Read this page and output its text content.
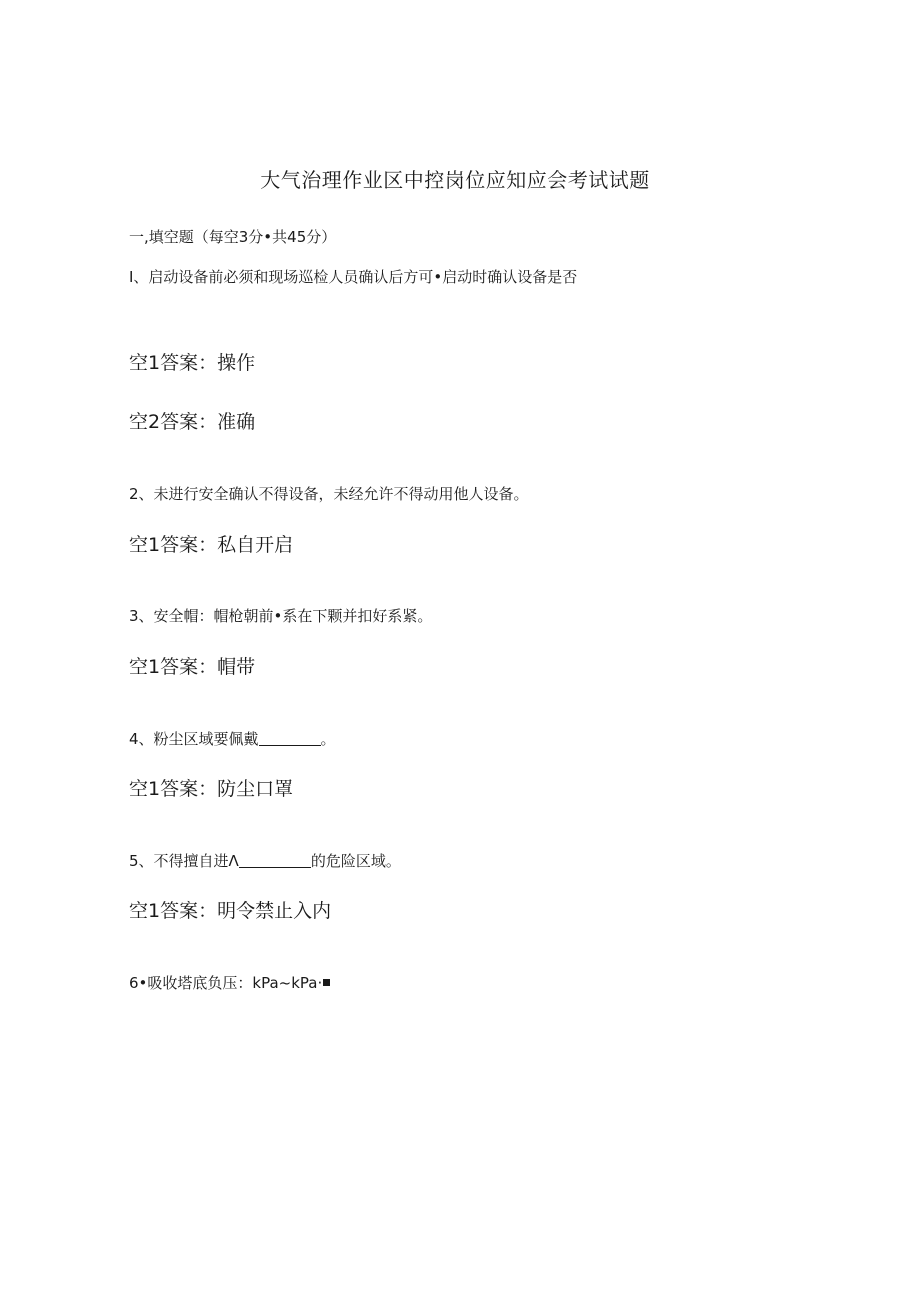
大气治理作业区中控岗位应知应会考试试题
一,填空题（每空3分•共45分）
I、启动设备前必须和现场巡检人员确认后方可•启动时确认设备是否
空1答案：操作
空2答案：准确
2、未进行安全确认不得设备，未经允许不得动用他人设备。
空1答案：私自开启
3、安全帽：帽枪朝前•系在下颗并扣好系紧。
空1答案：帽带
4、粉尘区域要佩戴	。
空1答案：防尘口罩
5、不得擅自进Λ	的危险区域。
空1答案：明令禁止入内
6•吸收塔底负压：kPa~kPa·
